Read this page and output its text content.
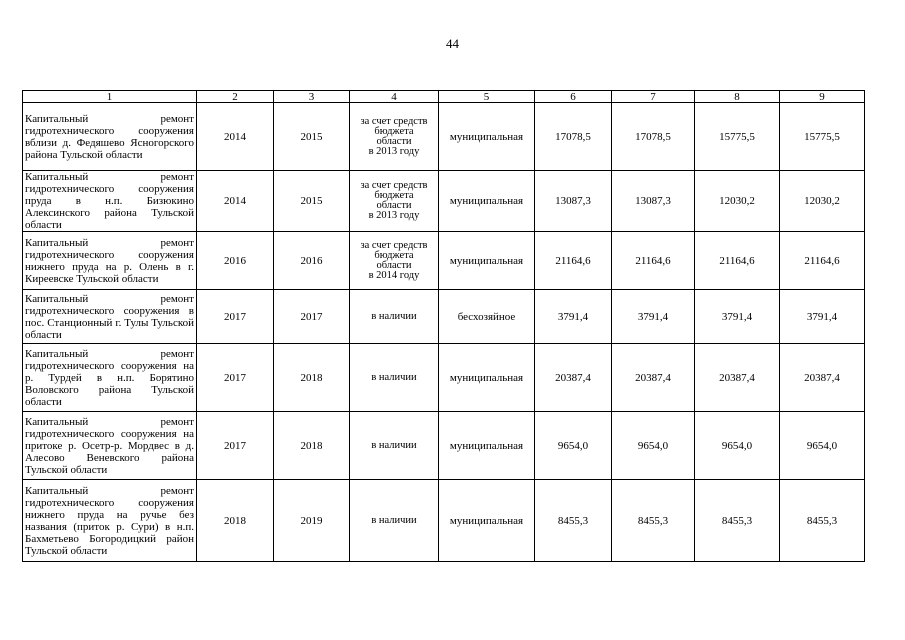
44
1	2	3	4	5	6	7	8	9
Капитальный ремонт гидротехнического сооружения вблизи д. Федяшево Ясногорского района Тульской области	2014	2015	за счет средств
бюджета
области
в 2013 году	муниципальная	17078,5	17078,5	15775,5	15775,5
Капитальный ремонт гидротехнического сооружения пруда в н.п. Бизюкино Алексинского района Тульской области	2014	2015	за счет средств
бюджета
области
в 2013 году	муниципальная	13087,3	13087,3	12030,2	12030,2
Капитальный ремонт гидротехнического сооружения нижнего пруда на р. Олень в г. Киреевске Тульской области	2016	2016	за счет средств
бюджета
области
в 2014 году	муниципальная	21164,6	21164,6	21164,6	21164,6
Капитальный ремонт гидротехнического сооружения в пос. Станционный г. Тулы Тульской области	2017	2017	в наличии	бесхозяйное	3791,4	3791,4	3791,4	3791,4
Капитальный ремонт гидротехнического сооружения на р. Турдей в н.п. Борятино Воловского района Тульской области	2017	2018	в наличии	муниципальная	20387,4	20387,4	20387,4	20387,4
Капитальный ремонт гидротехнического сооружения на притоке р. Осетр-р. Мордвес в д. Алесово Веневского района Тульской области	2017	2018	в наличии	муниципальная	9654,0	9654,0	9654,0	9654,0
Капитальный ремонт гидротехнического сооружения нижнего пруда на ручье без названия (приток р. Сури) в н.п. Бахметьево Богородицкий район Тульской области	2018	2019	в наличии	муниципальная	8455,3	8455,3	8455,3	8455,3
